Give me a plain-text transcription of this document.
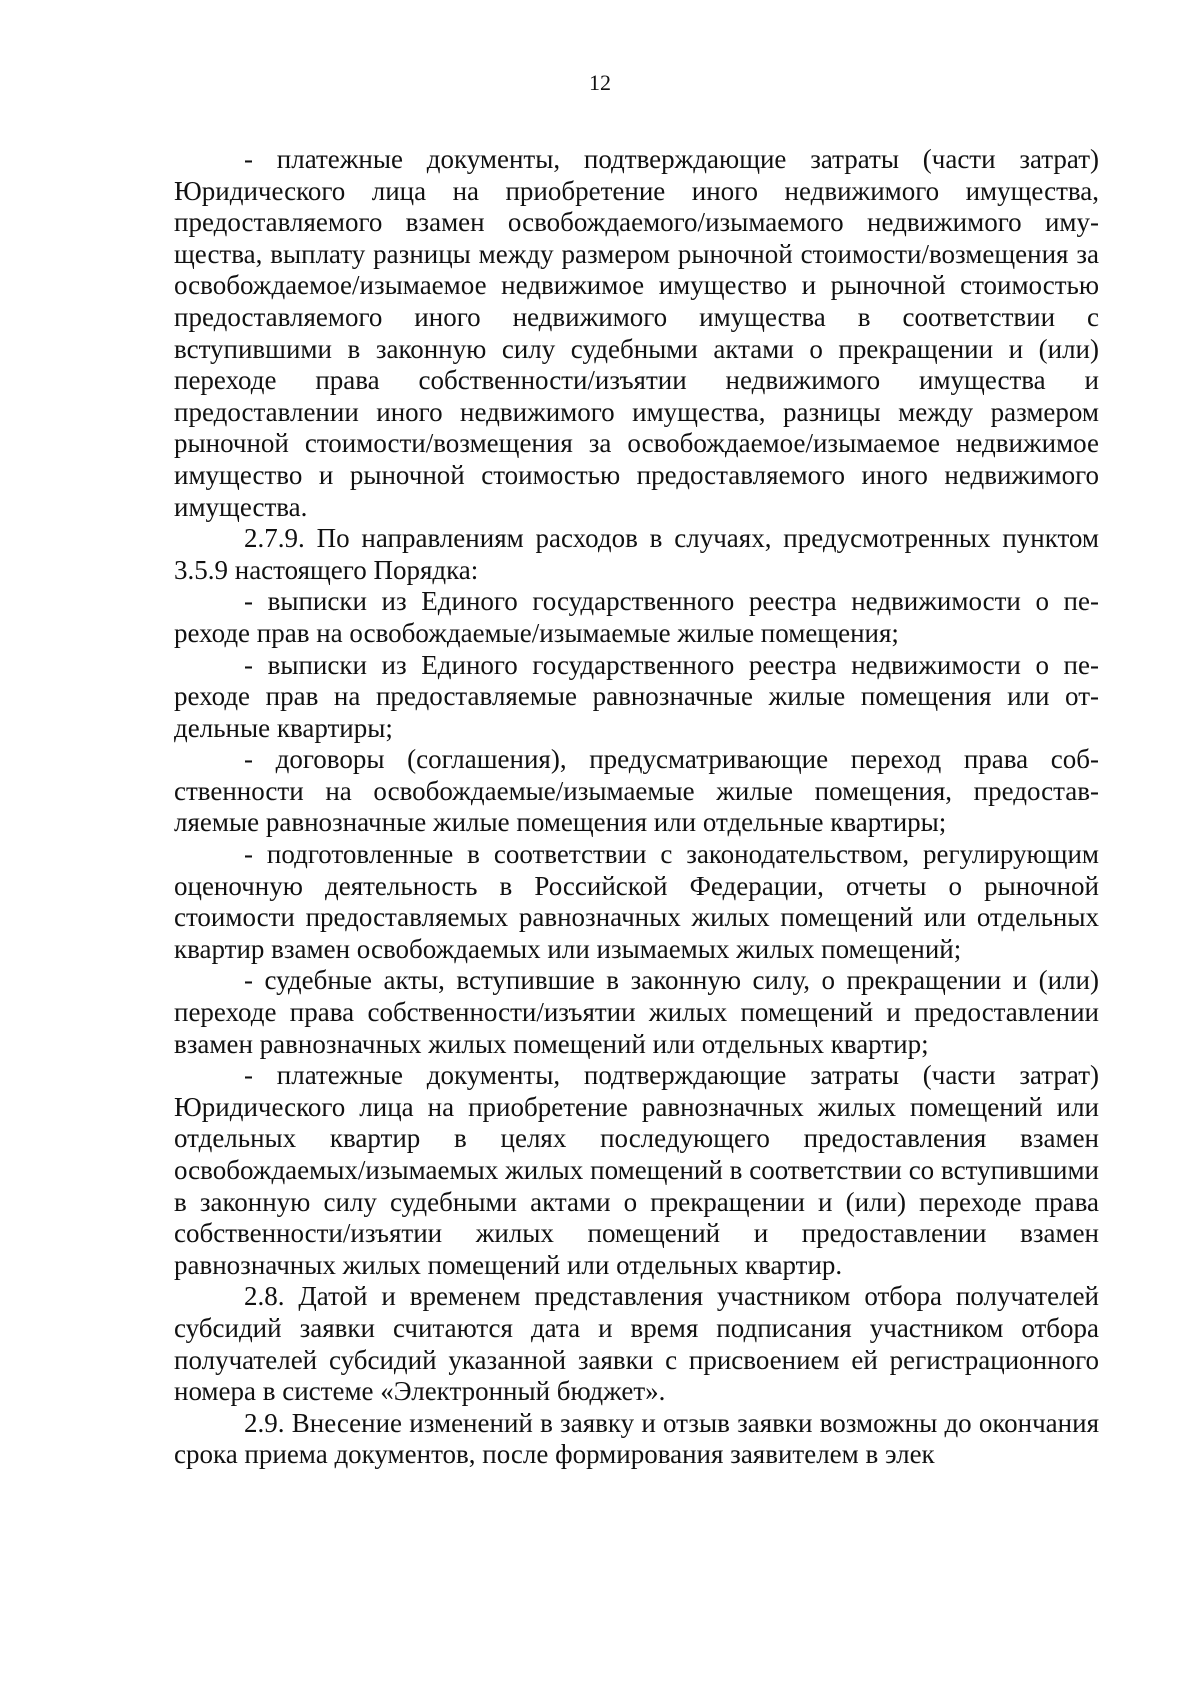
12

- платежные документы, подтверждающие затраты (части затрат) Юридического лица на приобретение иного недвижимого имущества, предоставляемого взамен освобождаемого/изымаемого недвижимого имущества, выплату разницы между размером рыночной стоимости/возмещения за освобождаемое/изымаемое недвижимое имущество и рыночной стоимостью предоставляемого иного недвижимого имущества в соответствии с вступившими в законную силу судебными актами о прекращении и (или) переходе права собственности/изъятии недвижимого имущества и предоставлении иного недвижимого имущества, разницы между размером рыночной стоимости/возмещения за освобождаемое/изымаемое недвижимое имущество и рыночной стоимостью предоставляемого иного недвижимого имущества.

2.7.9. По направлениям расходов в случаях, предусмотренных пунктом 3.5.9 настоящего Порядка:

- выписки из Единого государственного реестра недвижимости о переходе прав на освобождаемые/изымаемые жилые помещения;

- выписки из Единого государственного реестра недвижимости о переходе прав на предоставляемые равнозначные жилые помещения или отдельные квартиры;

- договоры (соглашения), предусматривающие переход права собственности на освобождаемые/изымаемые жилые помещения, предоставляемые равнозначные жилые помещения или отдельные квартиры;

- подготовленные в соответствии с законодательством, регулирующим оценочную деятельность в Российской Федерации, отчеты о рыночной стоимости предоставляемых равнозначных жилых помещений или отдельных квартир взамен освобождаемых или изымаемых жилых помещений;

- судебные акты, вступившие в законную силу, о прекращении и (или) переходе права собственности/изъятии жилых помещений и предоставлении взамен равнозначных жилых помещений или отдельных квартир;

- платежные документы, подтверждающие затраты (части затрат) Юридического лица на приобретение равнозначных жилых помещений или отдельных квартир в целях последующего предоставления взамен освобождаемых/изымаемых жилых помещений в соответствии со вступившими в законную силу судебными актами о прекращении и (или) переходе права собственности/изъятии жилых помещений и предоставлении взамен равнозначных жилых помещений или отдельных квартир.

2.8. Датой и временем представления участником отбора получателей субсидий заявки считаются дата и время подписания участником отбора получателей субсидий указанной заявки с присвоением ей регистрационного номера в системе «Электронный бюджет».

2.9. Внесение изменений в заявку и отзыв заявки возможны до окончания срока приема документов, после формирования заявителем в элек
